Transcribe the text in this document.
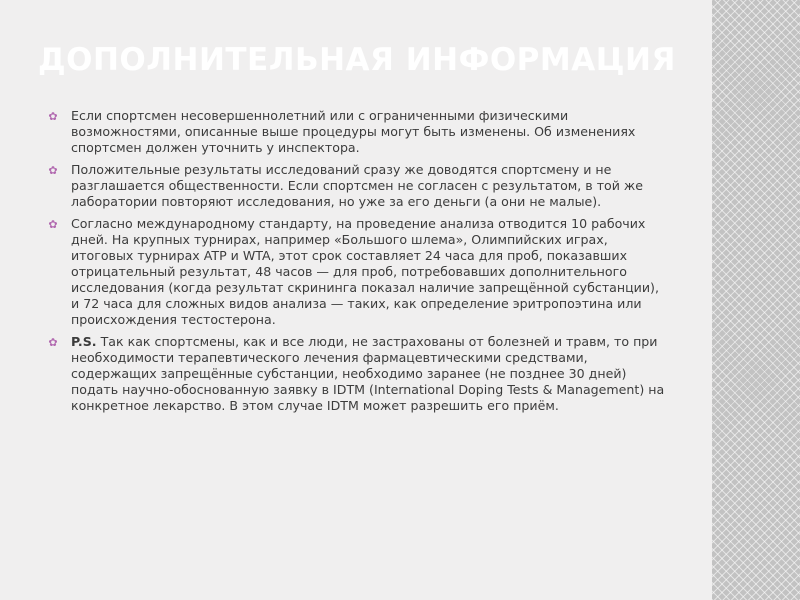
ДОПОЛНИТЕЛЬНАЯ ИНФОРМАЦИЯ
✿ Если спортсмен несовершеннолетний или с ограниченными физическими возможностями, описанные выше процедуры могут быть изменены. Об изменениях спортсмен должен уточнить у инспектора.
✿ Положительные результаты исследований сразу же доводятся спортсмену и не разглашается общественности. Если спортсмен не согласен с результатом, в той же лаборатории повторяют исследования, но уже за его деньги (а они не малые).
✿ Согласно международному стандарту, на проведение анализа отводится 10 рабочих дней. На крупных турнирах, например «Большого шлема», Олимпийских играх, итоговых турнирах ATP и WTA, этот срок составляет 24 часа для проб, показавших отрицательный результат, 48 часов — для проб, потребовавших дополнительного исследования (когда результат скрининга показал наличие запрещённой субстанции), и 72 часа для сложных видов анализа — таких, как определение эритропоэтина или происхождения тестостерона.
✿ P.S. Так как спортсмены, как и все люди, не застрахованы от болезней и травм, то при необходимости терапевтического лечения фармацевтическими средствами, содержащих запрещённые субстанции, необходимо заранее (не позднее 30 дней) подать научно-обоснованную заявку в IDTM (International Doping Tests & Management) на конкретное лекарство. В этом случае IDTM может разрешить его приём.
